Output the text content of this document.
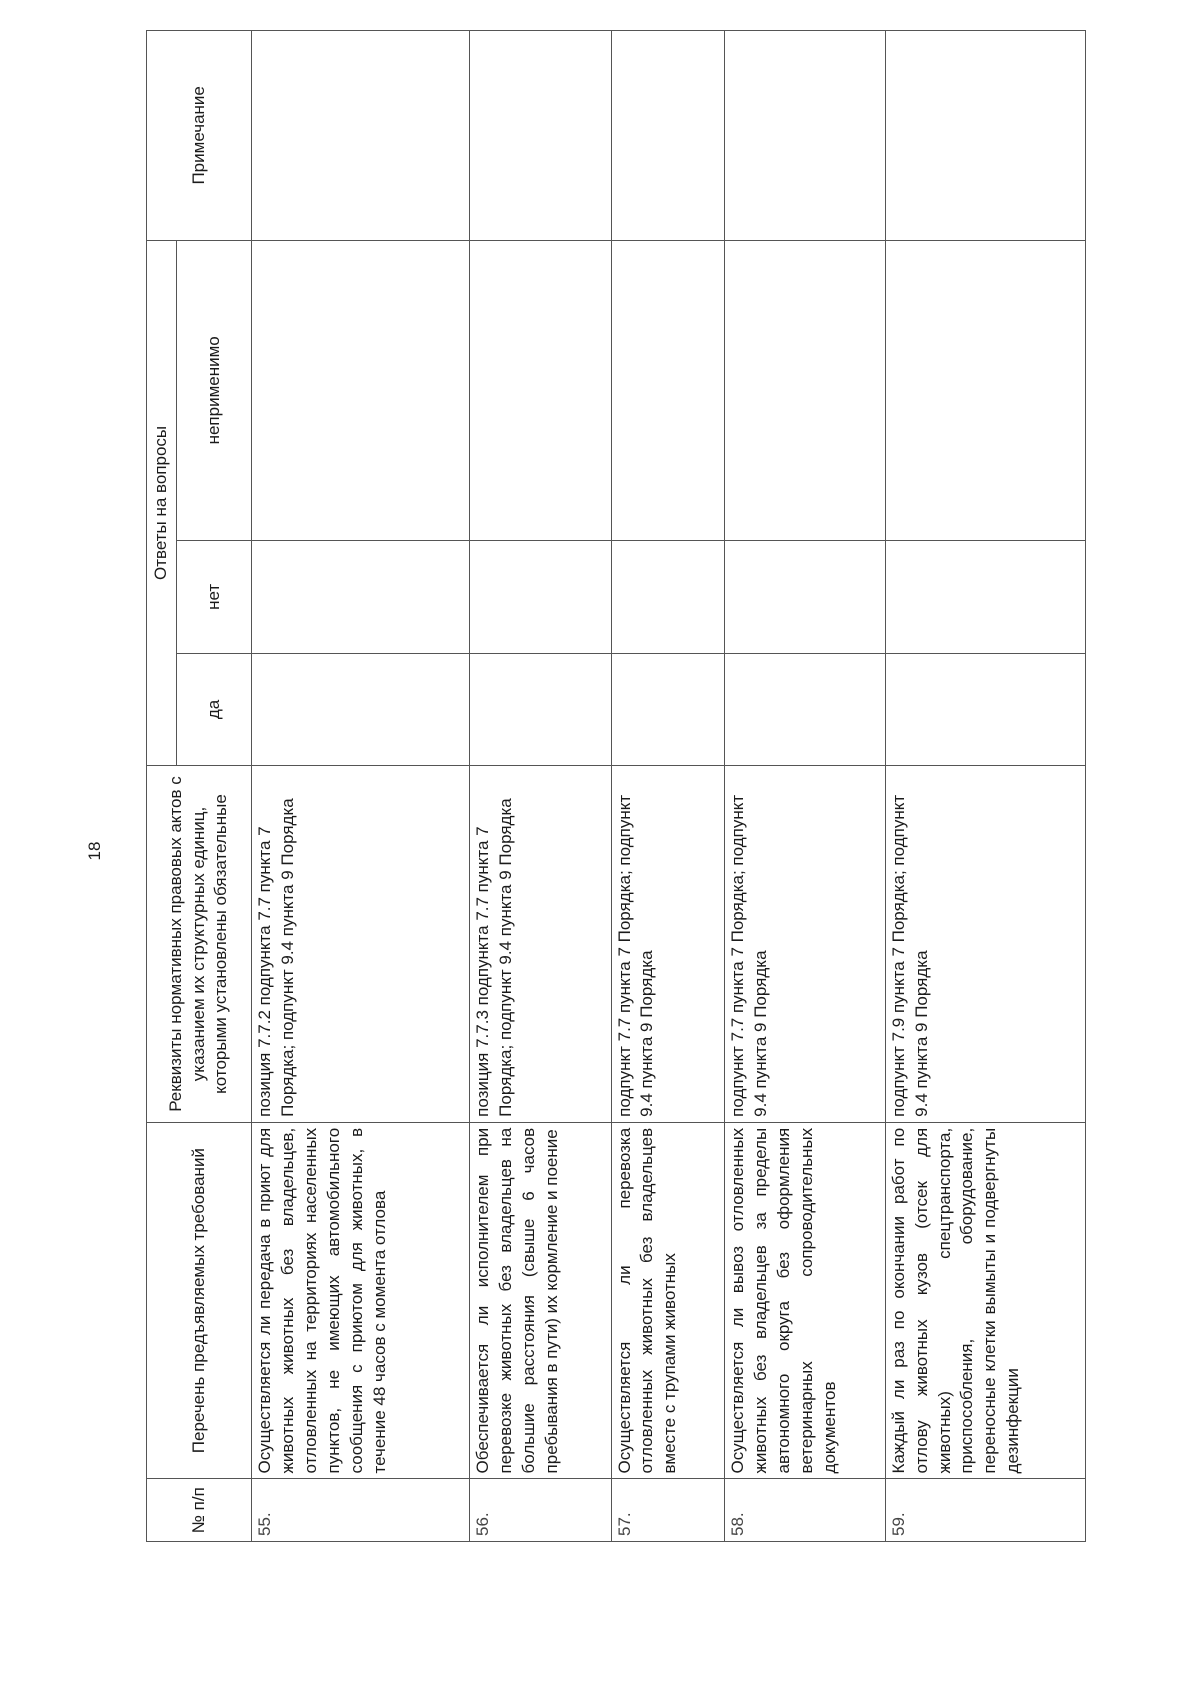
18
№ п/п	Перечень предъявляемых требований	Реквизиты нормативных правовых актов с указанием их структурных единиц, которыми установлены обязательные	Ответы на вопросы			Примечание
			да	нет	неприменимо	
55.	Осуществляется ли передача в приют для животных животных без владельцев, отловленных на территориях населенных пунктов, не имеющих автомобильного сообщения с приютом для животных, в течение 48 часов с момента отлова	позиция 7.7.2 подпункта 7.7 пункта 7 Порядка; подпункт 9.4 пункта 9 Порядка				
56.	Обеспечивается ли исполнителем при перевозке животных без владельцев на большие расстояния (свыше 6 часов пребывания в пути) их кормление и поение	позиция 7.7.3 подпункта 7.7 пункта 7 Порядка; подпункт 9.4 пункта 9 Порядка				
57.	Осуществляется ли перевозка отловленных животных без владельцев вместе с трупами животных	подпункт 7.7 пункта 7 Порядка; подпункт 9.4 пункта 9 Порядка				
58.	Осуществляется ли вывоз отловленных животных без владельцев за пределы автономного округа без оформления ветеринарных сопроводительных документов	подпункт 7.7 пункта 7 Порядка; подпункт 9.4 пункта 9 Порядка				
59.	Каждый ли раз по окончании работ по отлову животных кузов (отсек для животных) спецтранспорта, приспособления, оборудование, переносные клетки вымыты и подвергнуты дезинфекции	подпункт 7.9 пункта 7 Порядка; подпункт 9.4 пункта 9 Порядка				
